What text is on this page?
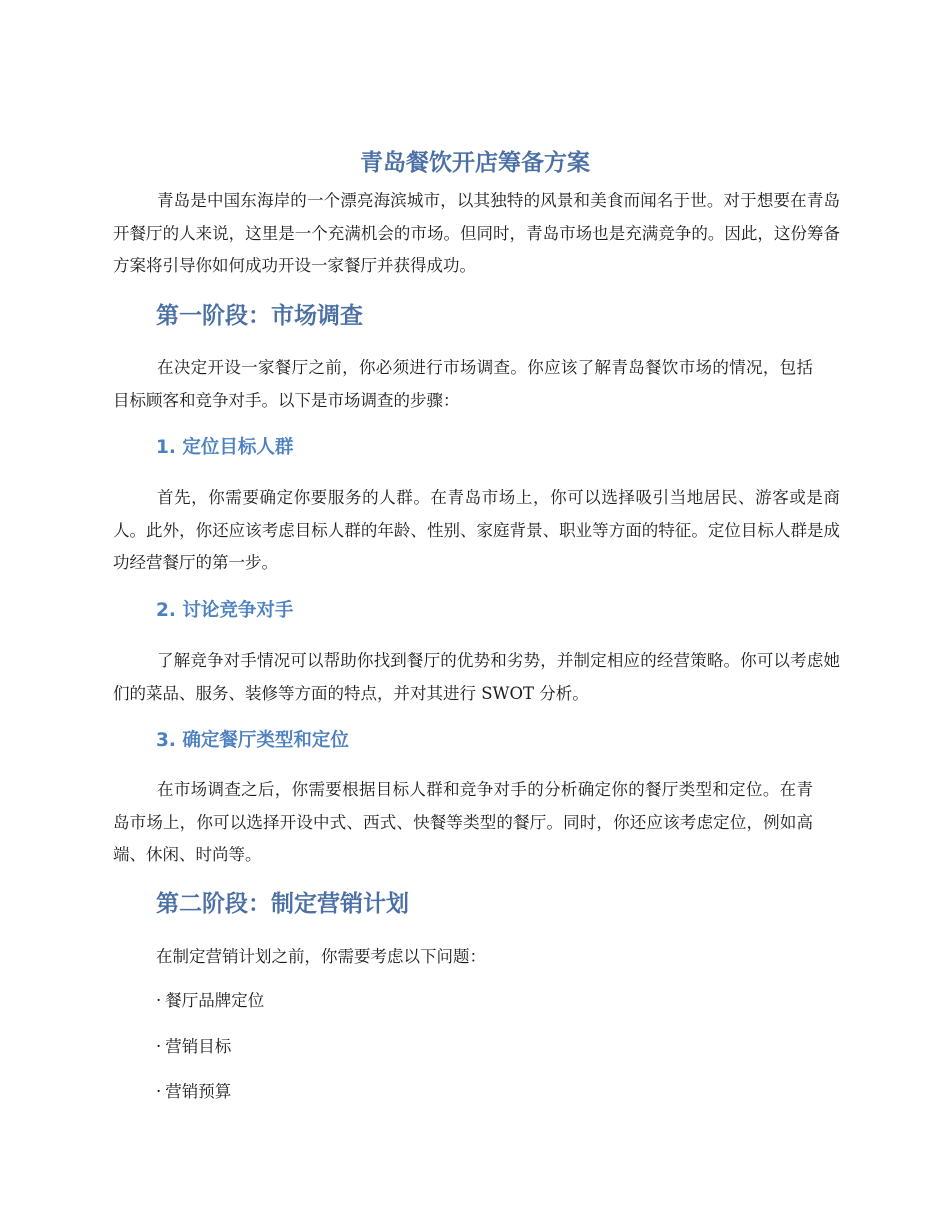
青岛餐饮开店筹备方案

青岛是中国东海岸的一个漂亮海滨城市，以其独特的风景和美食而闻名于世。对于想要在青岛开餐厅的人来说，这里是一个充满机会的市场。但同时，青岛市场也是充满竞争的。因此，这份筹备方案将引导你如何成功开设一家餐厅并获得成功。

第一阶段：市场调查

在决定开设一家餐厅之前，你必须进行市场调查。你应该了解青岛餐饮市场的情况，包括目标顾客和竞争对手。以下是市场调查的步骤：

1. 定位目标人群

首先，你需要确定你要服务的人群。在青岛市场上，你可以选择吸引当地居民、游客或是商人。此外，你还应该考虑目标人群的年龄、性别、家庭背景、职业等方面的特征。定位目标人群是成功经营餐厅的第一步。

2. 讨论竞争对手

了解竞争对手情况可以帮助你找到餐厅的优势和劣势，并制定相应的经营策略。你可以考虑她们的菜品、服务、装修等方面的特点，并对其进行 SWOT 分析。

3. 确定餐厅类型和定位

在市场调查之后，你需要根据目标人群和竞争对手的分析确定你的餐厅类型和定位。在青岛市场上，你可以选择开设中式、西式、快餐等类型的餐厅。同时，你还应该考虑定位，例如高端、休闲、时尚等。

第二阶段：制定营销计划
在制定营销计划之前，你需要考虑以下问题：
· 餐厅品牌定位
· 营销目标
· 营销预算
